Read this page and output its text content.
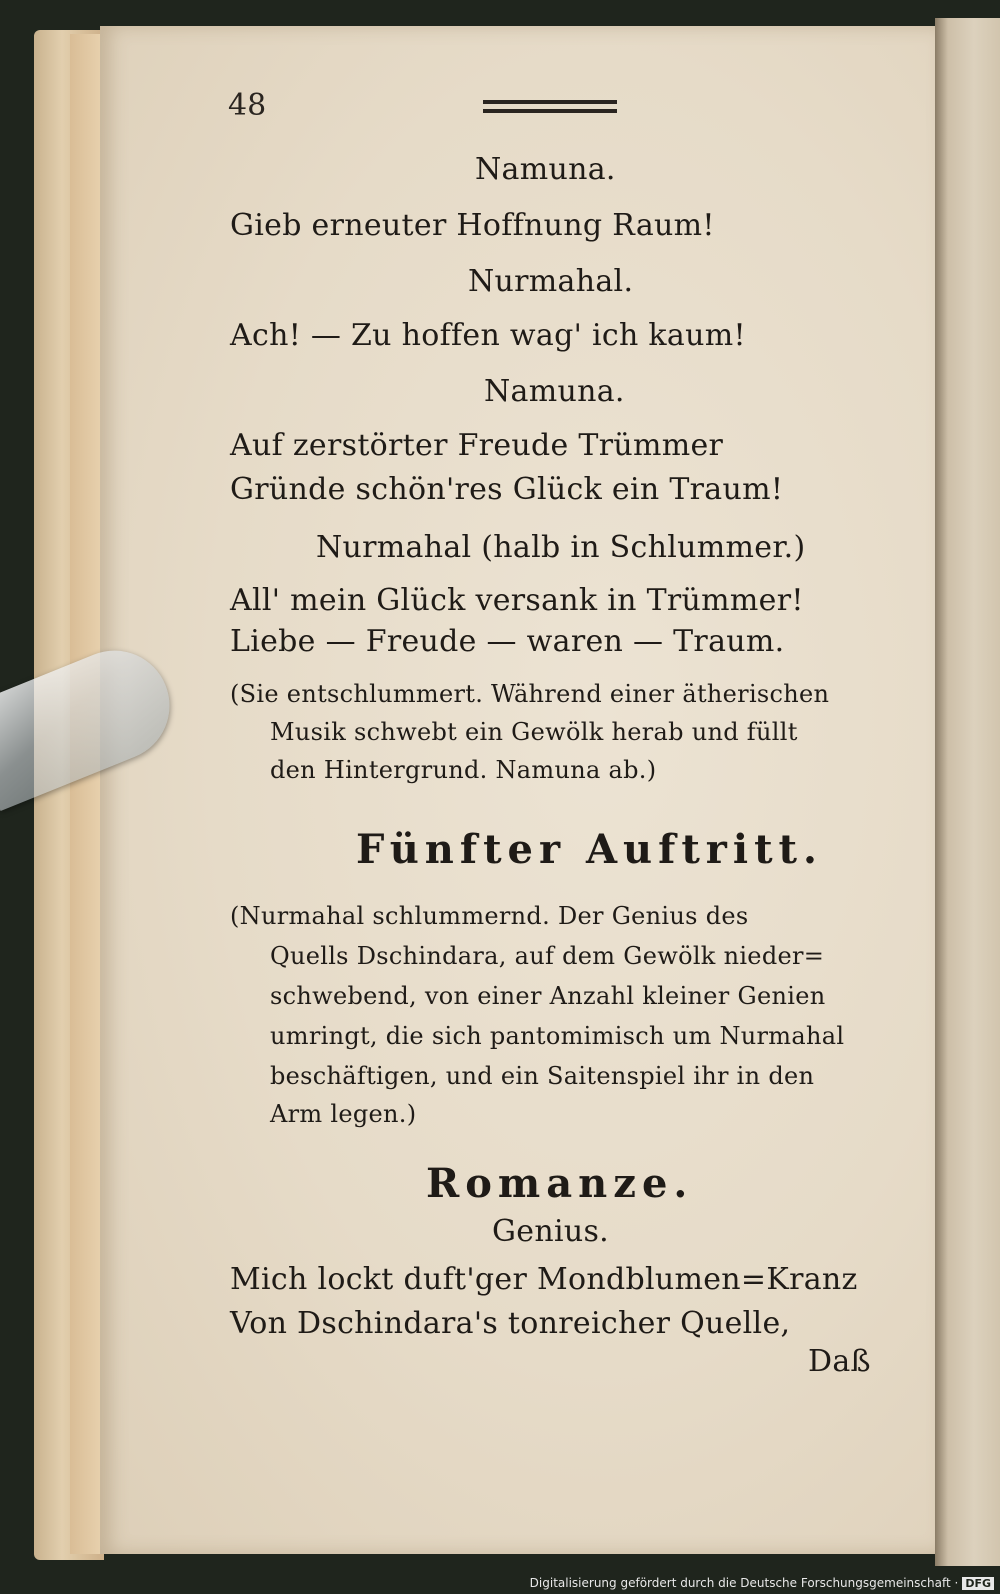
48
Namuna.
Gieb erneuter Hoffnung Raum!
Nurmahal.
Ach! — Zu hoffen wag' ich kaum!
Namuna.
Auf zerstörter Freude Trümmer
Gründe schön'res Glück ein Traum!
Nurmahal (halb in Schlummer.)
All' mein Glück versank in Trümmer!
Liebe — Freude — waren — Traum.
(Sie entschlummert. Während einer ätherischen
Musik schwebt ein Gewölk herab und füllt
den Hintergrund. Namuna ab.)
Fünfter Auftritt.
(Nurmahal schlummernd. Der Genius des
Quells Dschindara, auf dem Gewölk nieder=
schwebend, von einer Anzahl kleiner Genien
umringt, die sich pantomimisch um Nurmahal
beschäftigen, und ein Saitenspiel ihr in den
Arm legen.)
Romanze.
Genius.
Mich lockt duft'ger Mondblumen=Kranz
Von Dschindara's tonreicher Quelle,
Daß
Digitalisierung gefördert durch die Deutsche Forschungsgemeinschaft · DFG
